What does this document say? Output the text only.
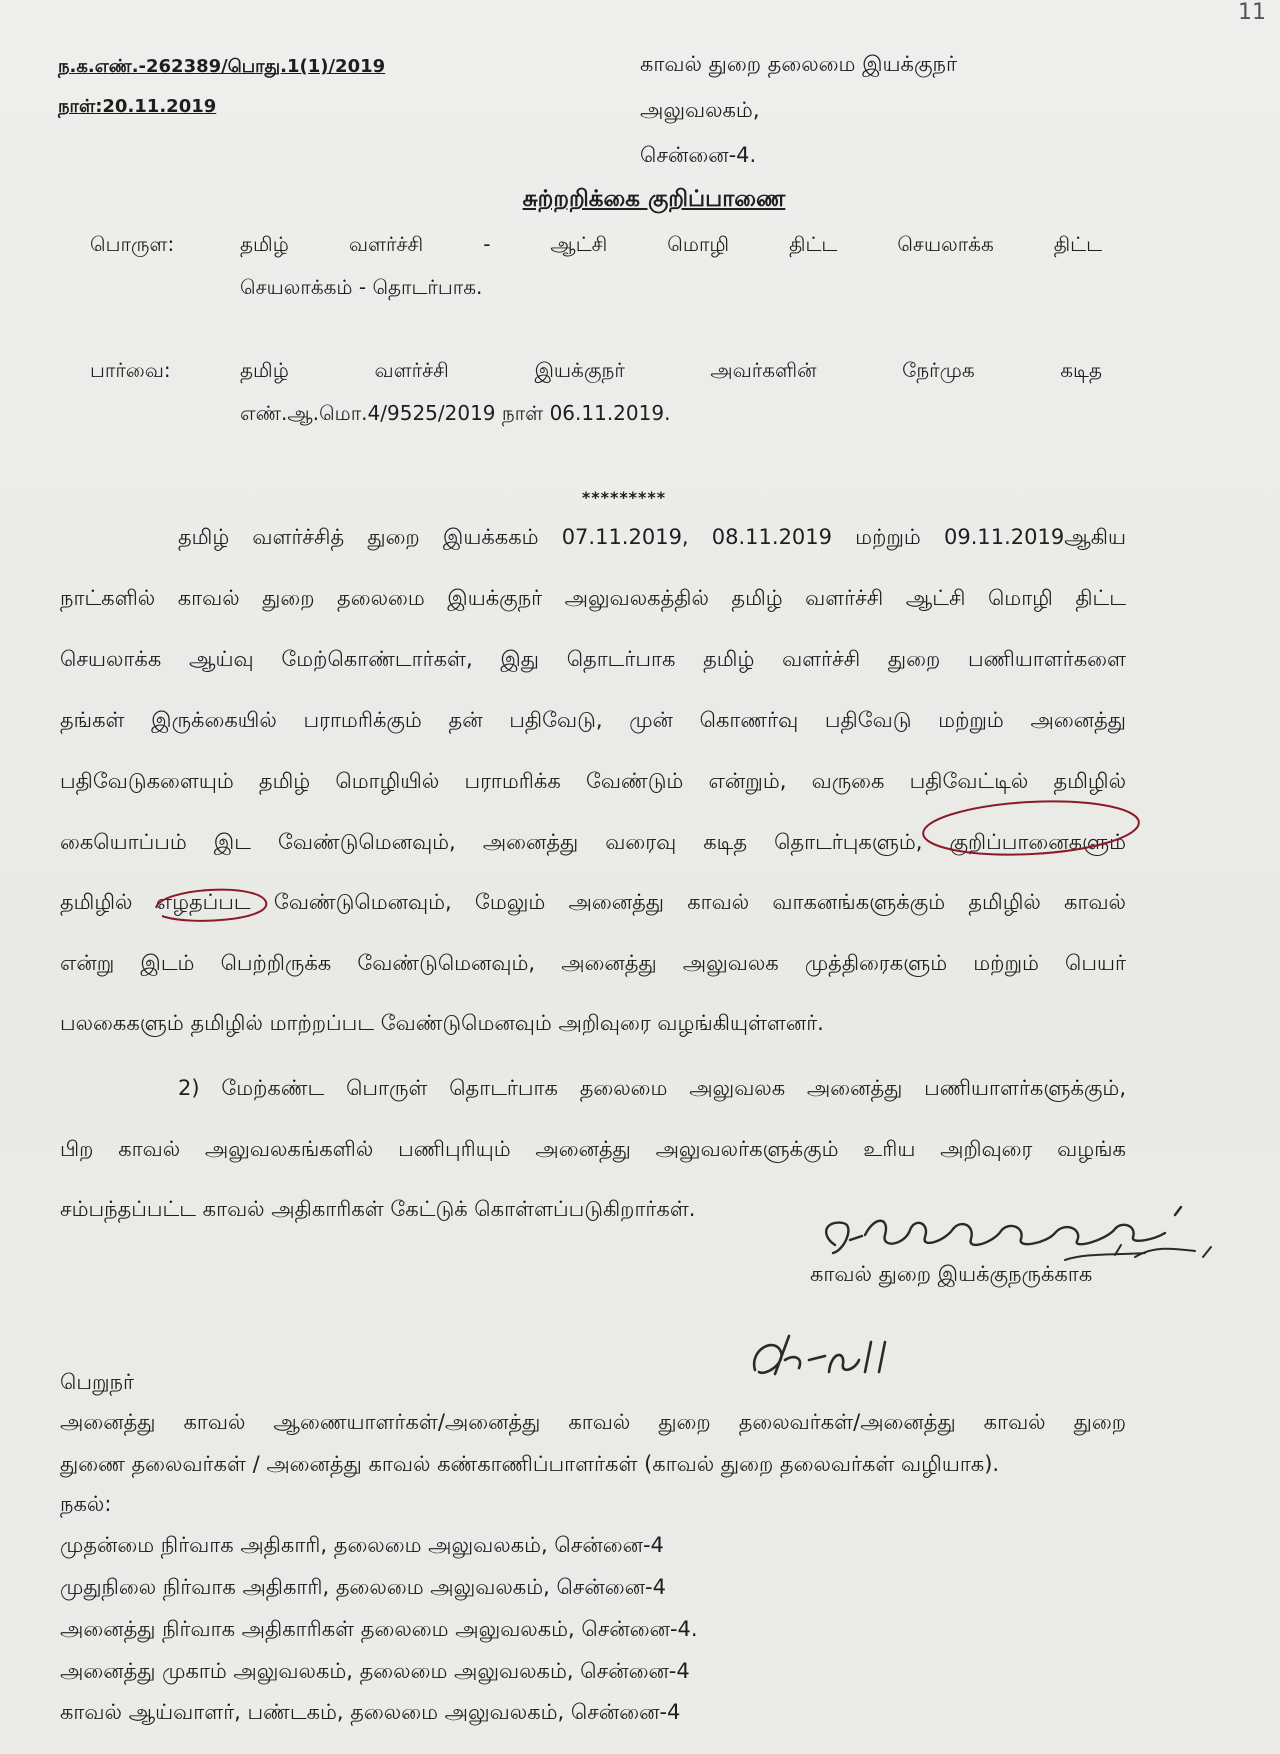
11
ந.க.எண்.-262389/பொது.1(1)/2019
நாள்:20.11.2019
காவல் துறை தலைமை இயக்குநர்
அலுவலகம்,
சென்னை-4.
சுற்றறிக்கை குறிப்பாணை
பொருள:	தமிழ் வளர்ச்சி - ஆட்சி மொழி திட்ட செயலாக்க திட்ட
செயலாக்கம் - தொடர்பாக.
பார்வை:	தமிழ் வளர்ச்சி இயக்குநர் அவர்களின் நேர்முக கடித
எண்.ஆ.மொ.4/9525/2019 நாள் 06.11.2019.
*********
தமிழ் வளர்ச்சித் துறை இயக்ககம் 07.11.2019, 08.11.2019 மற்றும் 09.11.2019ஆகிய
நாட்களில் காவல் துறை தலைமை இயக்குநர் அலுவலகத்தில் தமிழ் வளர்ச்சி ஆட்சி மொழி திட்ட
செயலாக்க ஆய்வு மேற்கொண்டார்கள், இது தொடர்பாக தமிழ் வளர்ச்சி துறை பணியாளர்களை
தங்கள் இருக்கையில் பராமரிக்கும் தன் பதிவேடு, முன் கொணர்வு பதிவேடு மற்றும் அனைத்து
பதிவேடுகளையும் தமிழ் மொழியில் பராமரிக்க வேண்டும் என்றும், வருகை பதிவேட்டில் தமிழில்
கையொப்பம் இட வேண்டுமெனவும், அனைத்து வரைவு கடித தொடர்புகளும், குறிப்பானைகளும்
தமிழில் எழதப்பட வேண்டுமெனவும், மேலும் அனைத்து காவல் வாகனங்களுக்கும் தமிழில் காவல்
என்று இடம் பெற்றிருக்க வேண்டுமெனவும், அனைத்து அலுவலக முத்திரைகளும் மற்றும் பெயர்
பலகைகளும் தமிழில் மாற்றப்பட வேண்டுமெனவும் அறிவுரை வழங்கியுள்ளனர்.
2) மேற்கண்ட பொருள் தொடர்பாக தலைமை அலுவலக அனைத்து பணியாளர்களுக்கும்,
பிற காவல் அலுவலகங்களில் பணிபுரியும் அனைத்து அலுவலர்களுக்கும் உரிய அறிவுரை வழங்க
சம்பந்தப்பட்ட காவல் அதிகாரிகள் கேட்டுக் கொள்ளப்படுகிறார்கள்.
காவல் துறை இயக்குநருக்காக
பெறுநர்
அனைத்து காவல் ஆணையாளர்கள்/அனைத்து காவல் துறை தலைவர்கள்/அனைத்து காவல் துறை
துணை தலைவர்கள் / அனைத்து காவல் கண்காணிப்பாளர்கள் (காவல் துறை தலைவர்கள் வழியாக).
நகல்:
முதன்மை நிர்வாக அதிகாரி, தலைமை அலுவலகம், சென்னை-4
முதுநிலை நிர்வாக அதிகாரி, தலைமை அலுவலகம், சென்னை-4
அனைத்து நிர்வாக அதிகாரிகள் தலைமை அலுவலகம், சென்னை-4.
அனைத்து முகாம் அலுவலகம், தலைமை அலுவலகம், சென்னை-4
காவல் ஆய்வாளர், பண்டகம், தலைமை அலுவலகம், சென்னை-4
